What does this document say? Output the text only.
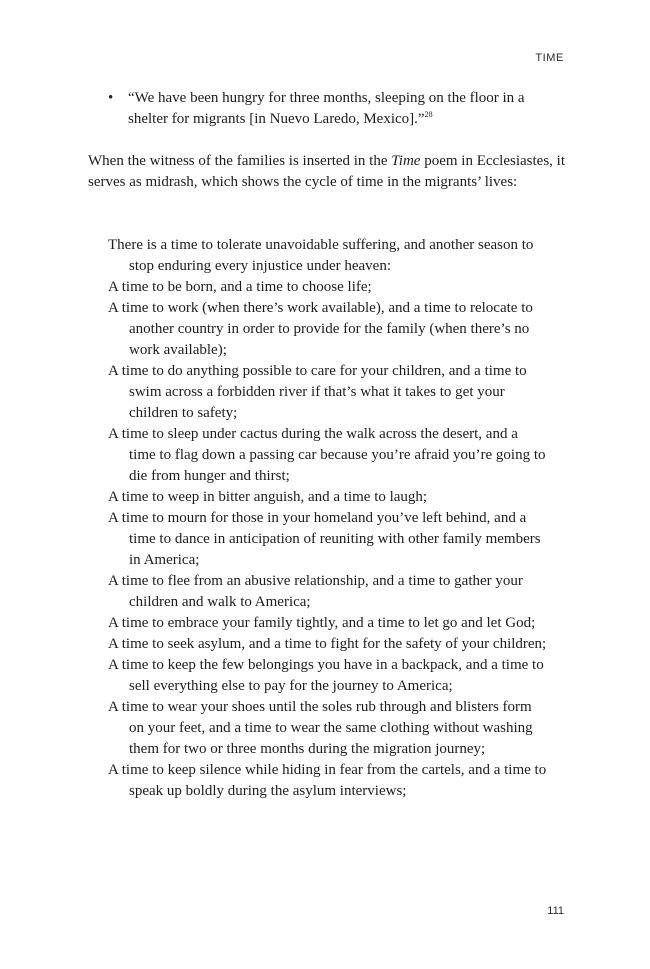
TIME
• “We have been hungry for three months, sleeping on the floor in a shelter for migrants [in Nuevo Laredo, Mexico].”$^{28}$

When the witness of the families is inserted in the Time poem in Ecclesiastes, it serves as midrash, which shows the cycle of time in the migrants’ lives:

There is a time to tolerate unavoidable suffering, and another season to stop enduring every injustice under heaven:
A time to be born, and a time to choose life;
A time to work (when there’s work available), and a time to relocate to another country in order to provide for the family (when there’s no work available);
A time to do anything possible to care for your children, and a time to swim across a forbidden river if that’s what it takes to get your children to safety;
A time to sleep under cactus during the walk across the desert, and a time to flag down a passing car because you’re afraid you’re going to die from hunger and thirst;
A time to weep in bitter anguish, and a time to laugh;
A time to mourn for those in your homeland you’ve left behind, and a time to dance in anticipation of reuniting with other family members in America;
A time to flee from an abusive relationship, and a time to gather your children and walk to America;
A time to embrace your family tightly, and a time to let go and let God;
A time to seek asylum, and a time to fight for the safety of your children;
A time to keep the few belongings you have in a backpack, and a time to sell everything else to pay for the journey to America;
A time to wear your shoes until the soles rub through and blisters form on your feet, and a time to wear the same clothing without washing them for two or three months during the migration journey;
A time to keep silence while hiding in fear from the cartels, and a time to speak up boldly during the asylum interviews;
111
